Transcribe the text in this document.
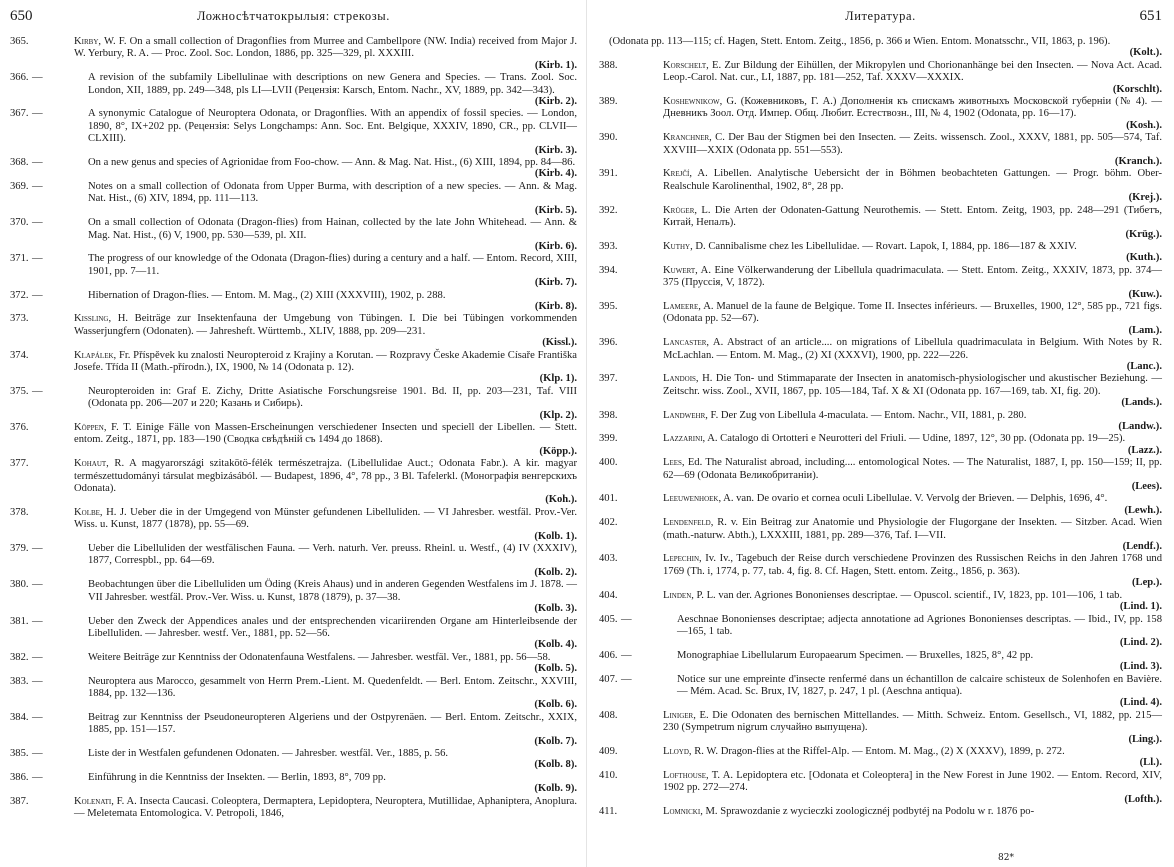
650	Ложносѣтчатокрылыя: стрекозы.
365.	Kirby, W. F. On a small collection of Dragonflies from Murree and Cambellpore (NW. India) received from Major J. W. Yerbury, R. A. — Proc. Zool. Soc. London, 1886, pp. 325—329, pl. XXXIII.
(Kirb. 1).
366. —	A revision of the subfamily Libellulinae with descriptions on new Genera and Species. — Trans. Zool. Soc. London, XII, 1889, pp. 249—348, pls LI—LVII (Peцензія: Karsch, Entom. Nachr., XV, 1889, pp. 342—343).
(Kirb. 2).
367. —	A synonymic Catalogue of Neuroptera Odonata, or Dragonflies. With an appendix of fossil species. — London, 1890, 8°, IX+202 pp. (Рецензія: Selys Longchamps: Ann. Soc. Ent. Belgique, XXXIV, 1890, CR., pp. CLVII—CLXIII).
(Kirb. 3).
368. —	On a new genus and species of Agrionidae from Foo-chow. — Ann. & Mag. Nat. Hist., (6) XIII, 1894, pp. 84—86.
(Kirb. 4).
369. —	Notes on a small collection of Odonata from Upper Burma, with description of a new species. — Ann. & Mag. Nat. Hist., (6) XIV, 1894, pp. 111—113.
(Kirb. 5).
370. —	On a small collection of Odonata (Dragon-flies) from Hainan, collected by the late John Whitehead. — Ann. & Mag. Nat. Hist., (6) V, 1900, pp. 530—539, pl. XII.
(Kirb. 6).
371. —	The progress of our knowledge of the Odonata (Dragon-flies) during a century and a half. — Entom. Record, XIII, 1901, pp. 7—11.
(Kirb. 7).
372. —	Hibernation of Dragon-flies. — Entom. M. Mag., (2) XIII (XXXVIII), 1902, p. 288.
(Kirb. 8).
373.	Kissling, H. Beiträge zur Insektenfauna der Umgebung von Tübingen. I. Die bei Tübingen vorkommenden Wasserjungfern (Odonaten). — Jahresheft. Württemb., XLIV, 1888, pp. 209—231.
(Kissl.).
374.	Klapálek, Fr. Příspěvek ku znalosti Neuropteroid z Krajiny a Korutan. — Rozpravy Česke Akademie Císaře Františka Josefe. Třída II (Math.-přírodn.), IX, 1900, № 14 (Odonata p. 12).
(Klp. 1).
375. —	Neuropteroiden in: Graf E. Zichy, Dritte Asiatische Forschungsreise 1901. Bd. II, pp. 203—231, Taf. VIII (Odonata pp. 206—207 и 220; Казань и Сибирь).
(Klp. 2).
376.	Köppen, F. T. Einige Fälle von Massen-Erscheinungen verschiedener Insecten und speciell der Libellen. — Stett. entom. Zeitg., 1871, pp. 183—190 (Сводка свѣдѣній съ 1494 до 1868).
(Köpp.).
377.	Kohaut, R. A magyarországi szitakötö-félék természetrajza. (Libellulidae Auct.; Odonata Fabr.). A kir. magyar természettudományi társulat megbizásából. — Budapest, 1896, 4°, 78 pp., 3 Bl. Tafelerkl. (Монографія венгерскихъ Odonata).
(Koh.).
378.	Kolbe, H. J. Ueber die in der Umgegend von Münster gefundenen Libelluliden. — VI Jahresber. westfäl. Prov.-Ver. Wiss. u. Kunst, 1877 (1878), pp. 55—69.
(Kolb. 1).
379. —	Ueber die Libelluliden der westfälischen Fauna. — Verh. naturh. Ver. preuss. Rheinl. u. Westf., (4) IV (XXXIV), 1877, Correspbl., pp. 64—69.
(Kolb. 2).
380. —	Beobachtungen über die Libelluliden um Öding (Kreis Ahaus) und in anderen Gegenden Westfalens im J. 1878. — VII Jahresber. westfäl. Prov.-Ver. Wiss. u. Kunst, 1878 (1879), p. 37—38.
(Kolb. 3).
381. —	Ueber den Zweck der Appendices anales und der entsprechenden vicariirenden Organe am Hinterleibsende der Libelluliden. — Jahresber. westf. Ver., 1881, pp. 52—56.
(Kolb. 4).
382. —	Weitere Beiträge zur Kenntniss der Odonatenfauna Westfalens. — Jahresber. westfäl. Ver., 1881, pp. 56—58.
(Kolb. 5).
383. —	Neuroptera aus Marocco, gesammelt von Herrn Prem.-Lient. M. Quedenfeldt. — Berl. Entom. Zeitschr., XXVIII, 1884, pp. 132—136.
(Kolb. 6).
384. —	Beitrag zur Kenntniss der Pseudoneuropteren Algeriens und der Ostpyrenäen. — Berl. Entom. Zeitschr., XXIX, 1885, pp. 151—157.
(Kolb. 7).
385. —	Liste der in Westfalen gefundenen Odonaten. — Jahresber. westfäl. Ver., 1885, p. 56.
(Kolb. 8).
386. —	Einführung in die Kenntniss der Insekten. — Berlin, 1893, 8°, 709 pp.
(Kolb. 9).
387.	Kolenati, F. A. Insecta Caucasi. Coleoptera, Dermaptera, Lepidoptera, Neuroptera, Mutillidae, Aphaniptera, Anoplura. — Meletemata Entomologica. V. Petropoli, 1846,
Литература.	651
(Odonata pp. 113—115; cf. Hagen, Stett. Entom. Zeitg., 1856, p. 366 и Wien. Entom. Monatsschr., VII, 1863, p. 196).
(Kolt.).
388.	Korschelt, E. Zur Bildung der Eihüllen, der Mikropylen und Chorionanhänge bei den Insecten. — Nova Act. Acad. Leop.-Carol. Nat. cur., LI, 1887, pp. 181—252, Taf. XXXV—XXXIX.
(Korschlt).
389.	Koshewnikow, G. (Кожевниковъ, Г. А.) Дополненія къ спискамъ животныхъ Московской губерніи (№ 4). — Дневникъ Зоол. Отд. Импер. Общ. Любит. Естествозн., III, № 4, 1902 (Odonata, pp. 16—17).
(Kosh.).
390.	Kranchner, C. Der Bau der Stigmen bei den Insecten. — Zeits. wissensch. Zool., XXXV, 1881, pp. 505—574, Taf. XXVIII—XXIX (Odonata pp. 551—553).
(Kranch.).
391.	Krejčí, A. Libellen. Analytische Uebersicht der in Böhmen beobachteten Gattungen. — Progr. böhm. Ober-Realschule Karolinenthal, 1902, 8°, 28 pp.
(Krej.).
392.	Krüger, L. Die Arten der Odonaten-Gattung Neurothemis. — Stett. Entom. Zeitg, 1903, pp. 248—291 (Тибетъ, Китай, Непалъ).
(Krüg.).
393.	Kuthy, D. Cannibalisme chez les Libellulidae. — Rovart. Lapok, I, 1884, pp. 186—187 & XXIV.
(Kuth.).
394.	Kuwert, A. Eine Völkerwanderung der Libellula quadrimaculata. — Stett. Entom. Zeitg., XXXIV, 1873, pp. 374—375 (Пруссія, V, 1872).
(Kuw.).
395.	Lameere, A. Manuel de la faune de Belgique. Tome II. Insectes inférieurs. — Bruxelles, 1900, 12°, 585 pp., 721 figs. (Odonata pp. 52—67).
(Lam.).
396.	Lancaster, A. Abstract of an article.... on migrations of Libellula quadrimaculata in Belgium. With Notes by R. McLachlan. — Entom. M. Mag., (2) XI (XXXVI), 1900, pp. 222—226.
(Lanc.).
397.	Landois, H. Die Ton- und Stimmaparate der Insecten in anatomisch-physiologischer und akustischer Beziehung. — Zeitschr. wiss. Zool., XVII, 1867, pp. 105—184, Taf. X & XI (Odonata pp. 167—169, tab. XI, fig. 20).
(Lands.).
398.	Landwehr, F. Der Zug von Libellula 4-maculata. — Entom. Nachr., VII, 1881, p. 280.
(Landw.).
399.	Lazzarini, A. Catalogo di Ortotteri e Neurotteri del Friuli. — Udine, 1897, 12°, 30 pp. (Odonata pp. 19—25).
(Lazz.).
400.	Lees, Ed. The Naturalist abroad, including.... entomological Notes. — The Naturalist, 1887, I, pp. 150—159; II, pp. 62—69 (Odonata Великобританіи).
(Lees).
401.	Leeuwenhoek, A. van. De ovario et cornea oculi Libellulae. V. Vervolg der Brieven. — Delphis, 1696, 4°.
(Lewh.).
402.	Lendenfeld, R. v. Ein Beitrag zur Anatomie und Physiologie der Flugorgane der Insekten. — Sitzber. Acad. Wien (math.-naturw. Abth.), LXXXIII, 1881, pp. 289—376, Taf. I—VII.
(Lendf.).
403.	Lepechin, Iv. Iv., Tagebuch der Reise durch verschiedene Provinzen des Russischen Reichs in den Jahren 1768 und 1769 (Th. i, 1774, p. 77, tab. 4, fig. 8. Cf. Hagen, Stett. entom. Zeitg., 1856, p. 363).
(Lep.).
404.	Linden, P. L. van der. Agriones Bononienses descriptae. — Opuscol. scientif., IV, 1823, pp. 101—106, 1 tab.
(Lind. 1).
405. —	Aeschnae Bononienses descriptae; adjecta annotatione ad Agriones Bononienses descriptas. — Ibid., IV, pp. 158—165, 1 tab.
(Lind. 2).
406. —	Monographiae Libellularum Europaearum Specimen. — Bruxelles, 1825, 8°, 42 pp.
(Lind. 3).
407. —	Notice sur une empreinte d'insecte renfermé dans un échantillon de calcaire schisteux de Solenhofen en Bavière. — Mém. Acad. Sc. Brux, IV, 1827, p. 247, 1 pl. (Aeschna antiqua).
(Lind. 4).
408.	Liniger, E. Die Odonaten des bernischen Mittellandes. — Mitth. Schweiz. Entom. Gesellsch., VI, 1882, pp. 215—230 (Sympetrum nigrum случайно выпущена).
(Ling.).
409.	Lloyd, R. W. Dragon-flies at the Riffel-Alp. — Entom. M. Mag., (2) X (XXXV), 1899, p. 272.
(Ll.).
410.	Lofthouse, T. A. Lepidoptera etc. [Odonata et Coleoptera] in the New Forest in June 1902. — Entom. Record, XIV, 1902 pp. 272—274.
(Lofth.).
411.	Lomnicki, M. Sprawozdanie z wycieczki zoologicznéj podbytéj na Podolu w r. 1876 po-
82*
